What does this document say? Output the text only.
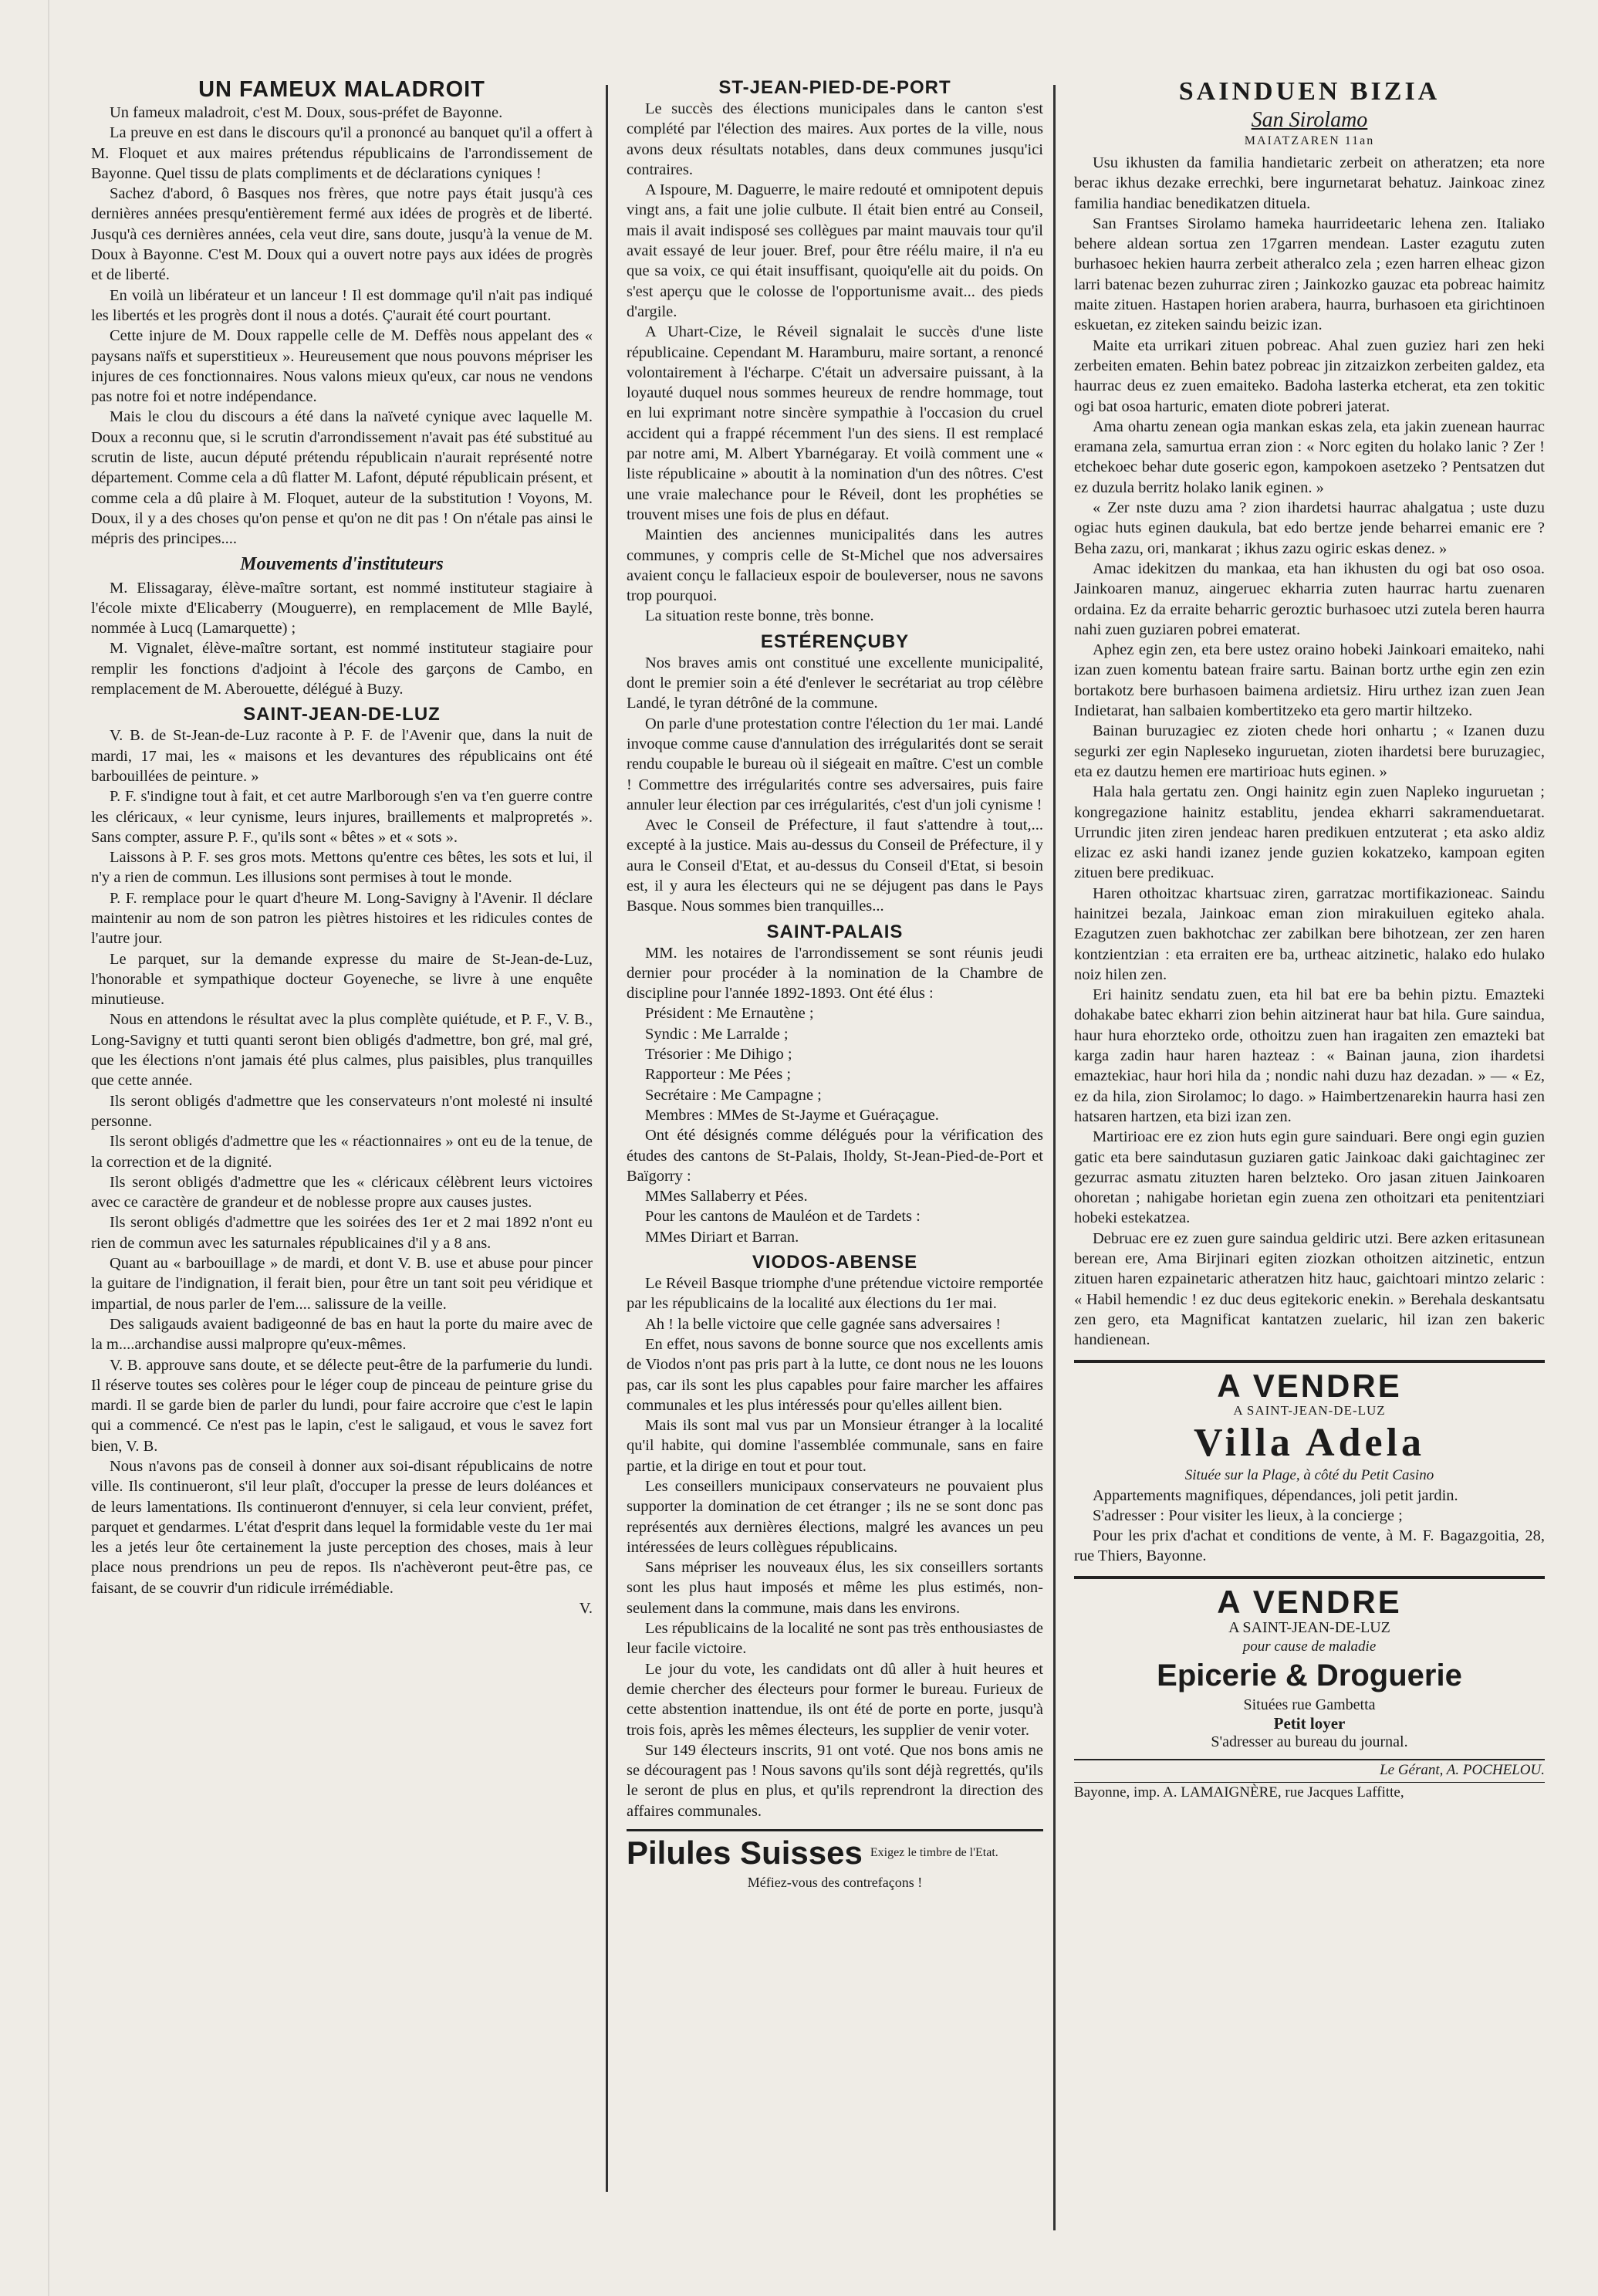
UN FAMEUX MALADROIT

Un fameux maladroit, c'est M. Doux, sous-préfet de Bayonne.

La preuve en est dans le discours qu'il a prononcé au banquet qu'il a offert à M. Floquet et aux maires prétendus républicains de l'arrondissement de Bayonne. Quel tissu de plats compliments et de déclarations cyniques !

Sachez d'abord, ô Basques nos frères, que notre pays était jusqu'à ces dernières années presqu'entièrement fermé aux idées de progrès et de liberté. Jusqu'à ces dernières années, cela veut dire, sans doute, jusqu'à la venue de M. Doux à Bayonne. C'est M. Doux qui a ouvert notre pays aux idées de progrès et de liberté.

En voilà un libérateur et un lanceur ! Il est dommage qu'il n'ait pas indiqué les libertés et les progrès dont il nous a dotés. Ç'aurait été court pourtant.

Cette injure de M. Doux rappelle celle de M. Deffès nous appelant des « paysans naïfs et superstitieux ». Heureusement que nous pouvons mépriser les injures de ces fonctionnaires. Nous valons mieux qu'eux, car nous ne vendons pas notre foi et notre indépendance.

Mais le clou du discours a été dans la naïveté cynique avec laquelle M. Doux a reconnu que, si le scrutin d'arrondissement n'avait pas été substitué au scrutin de liste, aucun député prétendu républicain n'aurait représenté notre département. Comme cela a dû flatter M. Lafont, député républicain présent, et comme cela a dû plaire à M. Floquet, auteur de la substitution ! Voyons, M. Doux, il y a des choses qu'on pense et qu'on ne dit pas ! On n'étale pas ainsi le mépris des principes....

Mouvements d'instituteurs

M. Elissagaray, élève-maître sortant, est nommé instituteur stagiaire à l'école mixte d'Elicaberry (Mouguerre), en remplacement de Mlle Baylé, nommée à Lucq (Lamarquette) ;

M. Vignalet, élève-maître sortant, est nommé instituteur stagiaire pour remplir les fonctions d'adjoint à l'école des garçons de Cambo, en remplacement de M. Aberouette, délégué à Buzy.

SAINT-JEAN-DE-LUZ

V. B. de St-Jean-de-Luz raconte à P. F. de l'Avenir que, dans la nuit de mardi, 17 mai, les « maisons et les devantures des républicains ont été barbouillées de peinture. »

P. F. s'indigne tout à fait, et cet autre Marlborough s'en va t'en guerre contre les cléricaux, « leur cynisme, leurs injures, braillements et malpropretés ». Sans compter, assure P. F., qu'ils sont « bêtes » et « sots ».

Laissons à P. F. ses gros mots. Mettons qu'entre ces bêtes, les sots et lui, il n'y a rien de commun. Les illusions sont permises à tout le monde.

P. F. remplace pour le quart d'heure M. Long-Savigny à l'Avenir. Il déclare maintenir au nom de son patron les piètres histoires et les ridicules contes de l'autre jour.

Le parquet, sur la demande expresse du maire de St-Jean-de-Luz, l'honorable et sympathique docteur Goyeneche, se livre à une enquête minutieuse.

Nous en attendons le résultat avec la plus complète quiétude, et P. F., V. B., Long-Savigny et tutti quanti seront bien obligés d'admettre, bon gré, mal gré, que les élections n'ont jamais été plus calmes, plus paisibles, plus tranquilles que cette année.

Ils seront obligés d'admettre que les conservateurs n'ont molesté ni insulté personne.

Ils seront obligés d'admettre que les « réactionnaires » ont eu de la tenue, de la correction et de la dignité.

Ils seront obligés d'admettre que les « cléricaux célèbrent leurs victoires avec ce caractère de grandeur et de noblesse propre aux causes justes.

Ils seront obligés d'admettre que les soirées des 1er et 2 mai 1892 n'ont eu rien de commun avec les saturnales républicaines d'il y a 8 ans.

Quant au « barbouillage » de mardi, et dont V. B. use et abuse pour pincer la guitare de l'indignation, il ferait bien, pour être un tant soit peu véridique et impartial, de nous parler de l'em.... salissure de la veille.

Des saligauds avaient badigeonné de bas en haut la porte du maire avec de la m....archandise aussi malpropre qu'eux-mêmes.

V. B. approuve sans doute, et se délecte peut-être de la parfumerie du lundi. Il réserve toutes ses colères pour le léger coup de pinceau de peinture grise du mardi. Il se garde bien de parler du lundi, pour faire accroire que c'est le lapin qui a commencé. Ce n'est pas le lapin, c'est le saligaud, et vous le savez fort bien, V. B.

Nous n'avons pas de conseil à donner aux soi-disant républicains de notre ville. Ils continueront, s'il leur plaît, d'occuper la presse de leurs doléances et de leurs lamentations. Ils continueront d'ennuyer, si cela leur convient, préfet, parquet et gendarmes. L'état d'esprit dans lequel la formidable veste du 1er mai les a jetés leur ôte certainement la juste perception des choses, mais à leur place nous prendrions un peu de repos. Ils n'achèveront peut-être pas, ce faisant, de se couvrir d'un ridicule irrémédiable.

V.
ST-JEAN-PIED-DE-PORT

Le succès des élections municipales dans le canton s'est complété par l'élection des maires. Aux portes de la ville, nous avons deux résultats notables, dans deux communes jusqu'ici contraires.

A Ispoure, M. Daguerre, le maire redouté et omnipotent depuis vingt ans, a fait une jolie culbute. Il était bien entré au Conseil, mais il avait indisposé ses collègues par maint mauvais tour qu'il avait essayé de leur jouer. Bref, pour être réélu maire, il n'a eu que sa voix, ce qui était insuffisant, quoiqu'elle ait du poids. On s'est aperçu que le colosse de l'opportunisme avait... des pieds d'argile.

A Uhart-Cize, le Réveil signalait le succès d'une liste républicaine. Cependant M. Haramburu, maire sortant, a renoncé volontairement à l'écharpe. C'était un adversaire puissant, à la loyauté duquel nous sommes heureux de rendre hommage, tout en lui exprimant notre sincère sympathie à l'occasion du cruel accident qui a frappé récemment l'un des siens. Il est remplacé par notre ami, M. Albert Ybarnégaray. Et voilà comment une « liste républicaine » aboutit à la nomination d'un des nôtres. C'est une vraie malechance pour le Réveil, dont les prophéties se trouvent mises une fois de plus en défaut.

Maintien des anciennes municipalités dans les autres communes, y compris celle de St-Michel que nos adversaires avaient conçu le fallacieux espoir de bouleverser, nous ne savons trop pourquoi.

La situation reste bonne, très bonne.

ESTÉRENÇUBY

Nos braves amis ont constitué une excellente municipalité, dont le premier soin a été d'enlever le secrétariat au trop célèbre Landé, le tyran détrôné de la commune.

On parle d'une protestation contre l'élection du 1er mai. Landé invoque comme cause d'annulation des irrégularités dont se serait rendu coupable le bureau où il siégeait en maître. C'est un comble ! Commettre des irrégularités contre ses adversaires, puis faire annuler leur élection par ces irrégularités, c'est d'un joli cynisme !

Avec le Conseil de Préfecture, il faut s'attendre à tout,... excepté à la justice. Mais au-dessus du Conseil de Préfecture, il y aura le Conseil d'Etat, et au-dessus du Conseil d'Etat, si besoin est, il y aura les électeurs qui ne se déjugent pas dans le Pays Basque. Nous sommes bien tranquilles...

SAINT-PALAIS

MM. les notaires de l'arrondissement se sont réunis jeudi dernier pour procéder à la nomination de la Chambre de discipline pour l'année 1892-1893. Ont été élus :

Président : Me Ernautène ;

Syndic : Me Larralde ;

Trésorier : Me Dihigo ;

Rapporteur : Me Pées ;

Secrétaire : Me Campagne ;

Membres : MMes de St-Jayme et Guéraçague.

Ont été désignés comme délégués pour la vérification des études des cantons de St-Palais, Iholdy, St-Jean-Pied-de-Port et Baïgorry :

MMes Sallaberry et Pées.

Pour les cantons de Mauléon et de Tardets :

MMes Diriart et Barran.

VIODOS-ABENSE

Le Réveil Basque triomphe d'une prétendue victoire remportée par les républicains de la localité aux élections du 1er mai.

Ah ! la belle victoire que celle gagnée sans adversaires !

En effet, nous savons de bonne source que nos excellents amis de Viodos n'ont pas pris part à la lutte, ce dont nous ne les louons pas, car ils sont les plus capables pour faire marcher les affaires communales et les plus intéressés pour qu'elles aillent bien.

Mais ils sont mal vus par un Monsieur étranger à la localité qu'il habite, qui domine l'assemblée communale, sans en faire partie, et la dirige en tout et pour tout.

Les conseillers municipaux conservateurs ne pouvaient plus supporter la domination de cet étranger ; ils ne se sont donc pas représentés aux dernières élections, malgré les avances un peu intéressées de leurs collègues républicains.

Sans mépriser les nouveaux élus, les six conseillers sortants sont les plus haut imposés et même les plus estimés, non-seulement dans la commune, mais dans les environs.

Les républicains de la localité ne sont pas très enthousiastes de leur facile victoire.

Le jour du vote, les candidats ont dû aller à huit heures et demie chercher des électeurs pour former le bureau. Furieux de cette abstention inattendue, ils ont été de porte en porte, jusqu'à trois fois, après les mêmes électeurs, les supplier de venir voter.

Sur 149 électeurs inscrits, 91 ont voté. Que nos bons amis ne se découragent pas ! Nous savons qu'ils sont déjà regrettés, qu'ils le seront de plus en plus, et qu'ils reprendront la direction des affaires communales.

Pilules Suisses Exigez le timbre de l'Etat.
Méfiez-vous des contrefaçons !
SAINDUEN BIZIA
San Sirolamo
MAIATZAREN 11an

Usu ikhusten da familia handietaric zerbeit on atheratzen; eta nore berac ikhus dezake errechki, bere ingurnetarat behatuz. Jainkoac zinez familia handiac benedikatzen dituela.

San Frantses Sirolamo hameka haurrideetaric lehena zen. Italiako behere aldean sortua zen 17garren mendean. Laster ezagutu zuten burhasoec hekien haurra zerbeit atheralco zela ; ezen harren elheac gizon larri batenac bezen zuhurrac ziren ; Jainkozko gauzac eta pobreac haimitz maite zituen. Hastapen horien arabera, haurra, burhasoen eta girichtinoen eskuetan, ez ziteken saindu beizic izan.

Maite eta urrikari zituen pobreac. Ahal zuen guziez hari zen heki zerbeiten ematen. Behin batez pobreac jin zitzaizkon zerbeiten galdez, eta haurrac deus ez zuen emaiteko. Badoha lasterka etcherat, eta zen tokitic ogi bat osoa harturic, ematen diote pobreri jaterat.

Ama ohartu zenean ogia mankan eskas zela, eta jakin zuenean haurrac eramana zela, samurtua erran zion : « Norc egiten du holako lanic ? Zer ! etchekoec behar dute goseric egon, kampokoen asetzeko ? Pentsatzen dut ez duzula berritz holako lanik eginen. »

« Zer nste duzu ama ? zion ihardetsi haurrac ahalgatua ; uste duzu ogiac huts eginen daukula, bat edo bertze jende beharrei emanic ere ? Beha zazu, ori, mankarat ; ikhus zazu ogiric eskas denez. »

Amac idekitzen du mankaa, eta han ikhusten du ogi bat oso osoa. Jainkoaren manuz, aingeruec ekharria zuten haurrac hartu zuenaren ordaina. Ez da erraite beharric geroztic burhasoec utzi zutela beren haurra nahi zuen guziaren pobrei ematerat.

Aphez egin zen, eta bere ustez oraino hobeki Jainkoari emaiteko, nahi izan zuen komentu batean fraire sartu. Bainan bortz urthe egin zen ezin bortakotz bere burhasoen baimena ardietsiz. Hiru urthez izan zuen Jean Indietarat, han salbaien kombertitzeko eta gero martir hiltzeko.

Bainan buruzagiec ez zioten chede hori onhartu ; « Izanen duzu segurki zer egin Napleseko inguruetan, zioten ihardetsi bere buruzagiec, eta ez dautzu hemen ere martirioac huts eginen. »

Hala hala gertatu zen. Ongi hainitz egin zuen Napleko inguruetan ; kongregazione hainitz establitu, jendea ekharri sakramenduetarat. Urrundic jiten ziren jendeac haren predikuen entzuterat ; eta asko aldiz elizac ez aski handi izanez jende guzien kokatzeko, kampoan egiten zituen bere predikuac.

Haren othoitzac khartsuac ziren, garratzac mortifikazioneac. Saindu hainitzei bezala, Jainkoac eman zion mirakuiluen egiteko ahala. Ezagutzen zuen bakhotchac zer zabilkan bere bihotzean, zer zen haren kontzientzian : eta erraiten ere ba, urtheac aitzinetic, halako edo hulako noiz hilen zen.

Eri hainitz sendatu zuen, eta hil bat ere ba behin piztu. Emazteki dohakabe batec ekharri zion behin aitzinerat haur bat hila. Gure saindua, haur hura ehorzteko orde, othoitzu zuen han iragaiten zen emazteki bat karga zadin haur haren hazteaz : « Bainan jauna, zion ihardetsi emaztekiac, haur hori hila da ; nondic nahi duzu haz dezadan. » — « Ez, ez da hila, zion Sirolamoc; lo dago. » Haimbertzenarekin haurra hasi zen hatsaren hartzen, eta bizi izan zen.

Martirioac ere ez zion huts egin gure sainduari. Bere ongi egin guzien gatic eta bere saindutasun guziaren gatic Jainkoac daki gaichtaginec zer gezurrac asmatu zituzten haren belzteko. Oro jasan zituen Jainkoaren ohoretan ; nahigabe horietan egin zuena zen othoitzari eta penitentziari hobeki estekatzea.

Debruac ere ez zuen gure saindua geldiric utzi. Bere azken eritasunean berean ere, Ama Birjinari egiten ziozkan othoitzen aitzinetic, entzun zituen haren ezpainetaric atheratzen hitz hauc, gaichtoari mintzo zelaric : « Habil hemendic ! ez duc deus egitekoric enekin. » Berehala deskantsatu zen gero, eta Magnificat kantatzen zuelaric, hil izan zen bakeric handienean.

A VENDRE
A SAINT-JEAN-DE-LUZ
Villa Adela
Située sur la Plage, à côté du Petit Casino

Appartements magnifiques, dépendances, joli petit jardin.

S'adresser : Pour visiter les lieux, à la concierge ;

Pour les prix d'achat et conditions de vente, à M. F. Bagazgoitia, 28, rue Thiers, Bayonne.

A VENDRE
A SAINT-JEAN-DE-LUZ
pour cause de maladie
Epicerie & Droguerie
Situées rue Gambetta
Petit loyer
S'adresser au bureau du journal.
Le Gérant, A. POCHELOU.
Bayonne, imp. A. LAMAIGNÈRE, rue Jacques Laffitte,
